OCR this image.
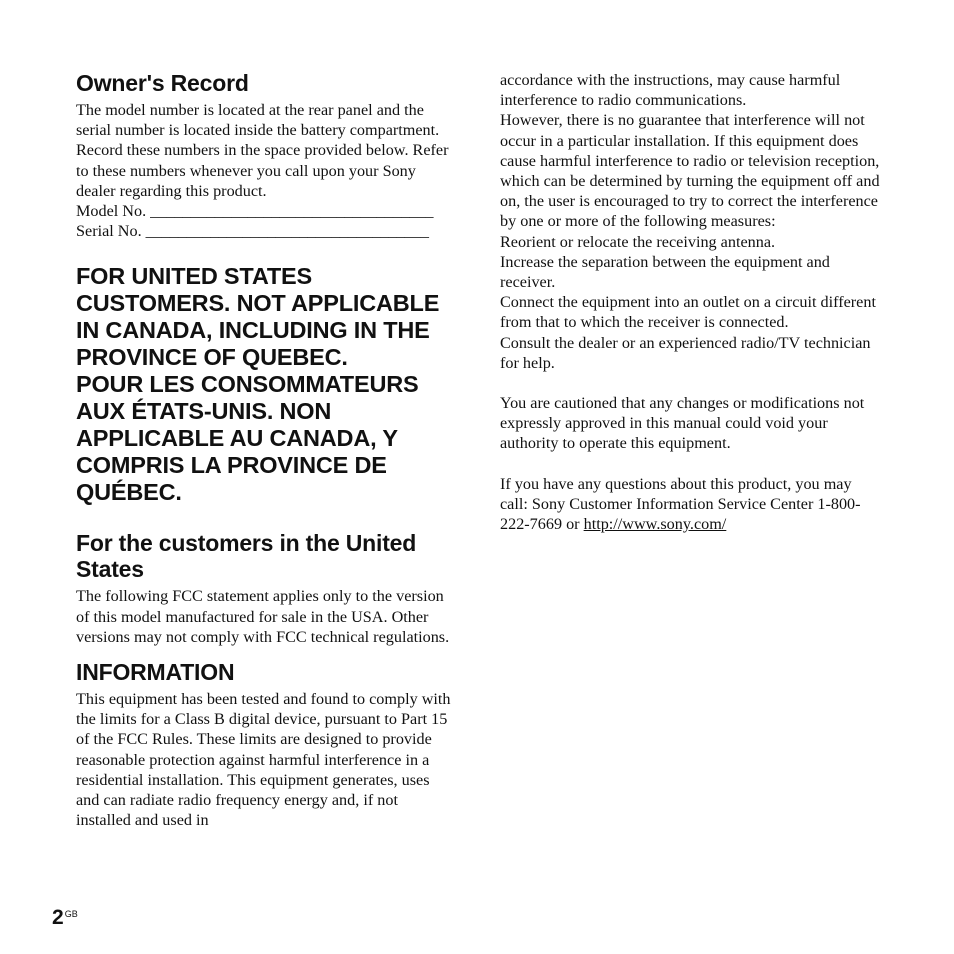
Owner's Record

The model number is located at the rear panel and the serial number is located inside the battery compartment. Record these numbers in the space provided below. Refer to these numbers whenever you call upon your Sony dealer regarding this product.

Model No. ___________________________________

Serial No. ___________________________________

FOR UNITED STATES CUSTOMERS. NOT APPLICABLE IN CANADA, INCLUDING IN THE PROVINCE OF QUEBEC.
POUR LES CONSOMMATEURS AUX ÉTATS-UNIS. NON APPLICABLE AU CANADA, Y COMPRIS LA PROVINCE DE QUÉBEC.
For the customers in the United States

The following FCC statement applies only to the version of this model manufactured for sale in the USA. Other versions may not comply with FCC technical regulations.

INFORMATION

This equipment has been tested and found to comply with the limits for a Class B digital device, pursuant to Part 15 of the FCC Rules. These limits are designed to provide reasonable protection against harmful interference in a residential installation. This equipment generates, uses and can radiate radio frequency energy and, if not installed and used in

accordance with the instructions, may cause harmful interference to radio communications.

However, there is no guarantee that interference will not occur in a particular installation. If this equipment does cause harmful interference to radio or television reception, which can be determined by turning the equipment off and on, the user is encouraged to try to correct the interference by one or more of the following measures:

Reorient or relocate the receiving antenna.

Increase the separation between the equipment and receiver.

Connect the equipment into an outlet on a circuit different from that to which the receiver is connected.

Consult the dealer or an experienced radio/TV technician for help.

You are cautioned that any changes or modifications not expressly approved in this manual could void your authority to operate this equipment.

If you have any questions about this product, you may call: Sony Customer Information Service Center 1-800-222-7669 or http://www.sony.com/

$2^{GB}$
